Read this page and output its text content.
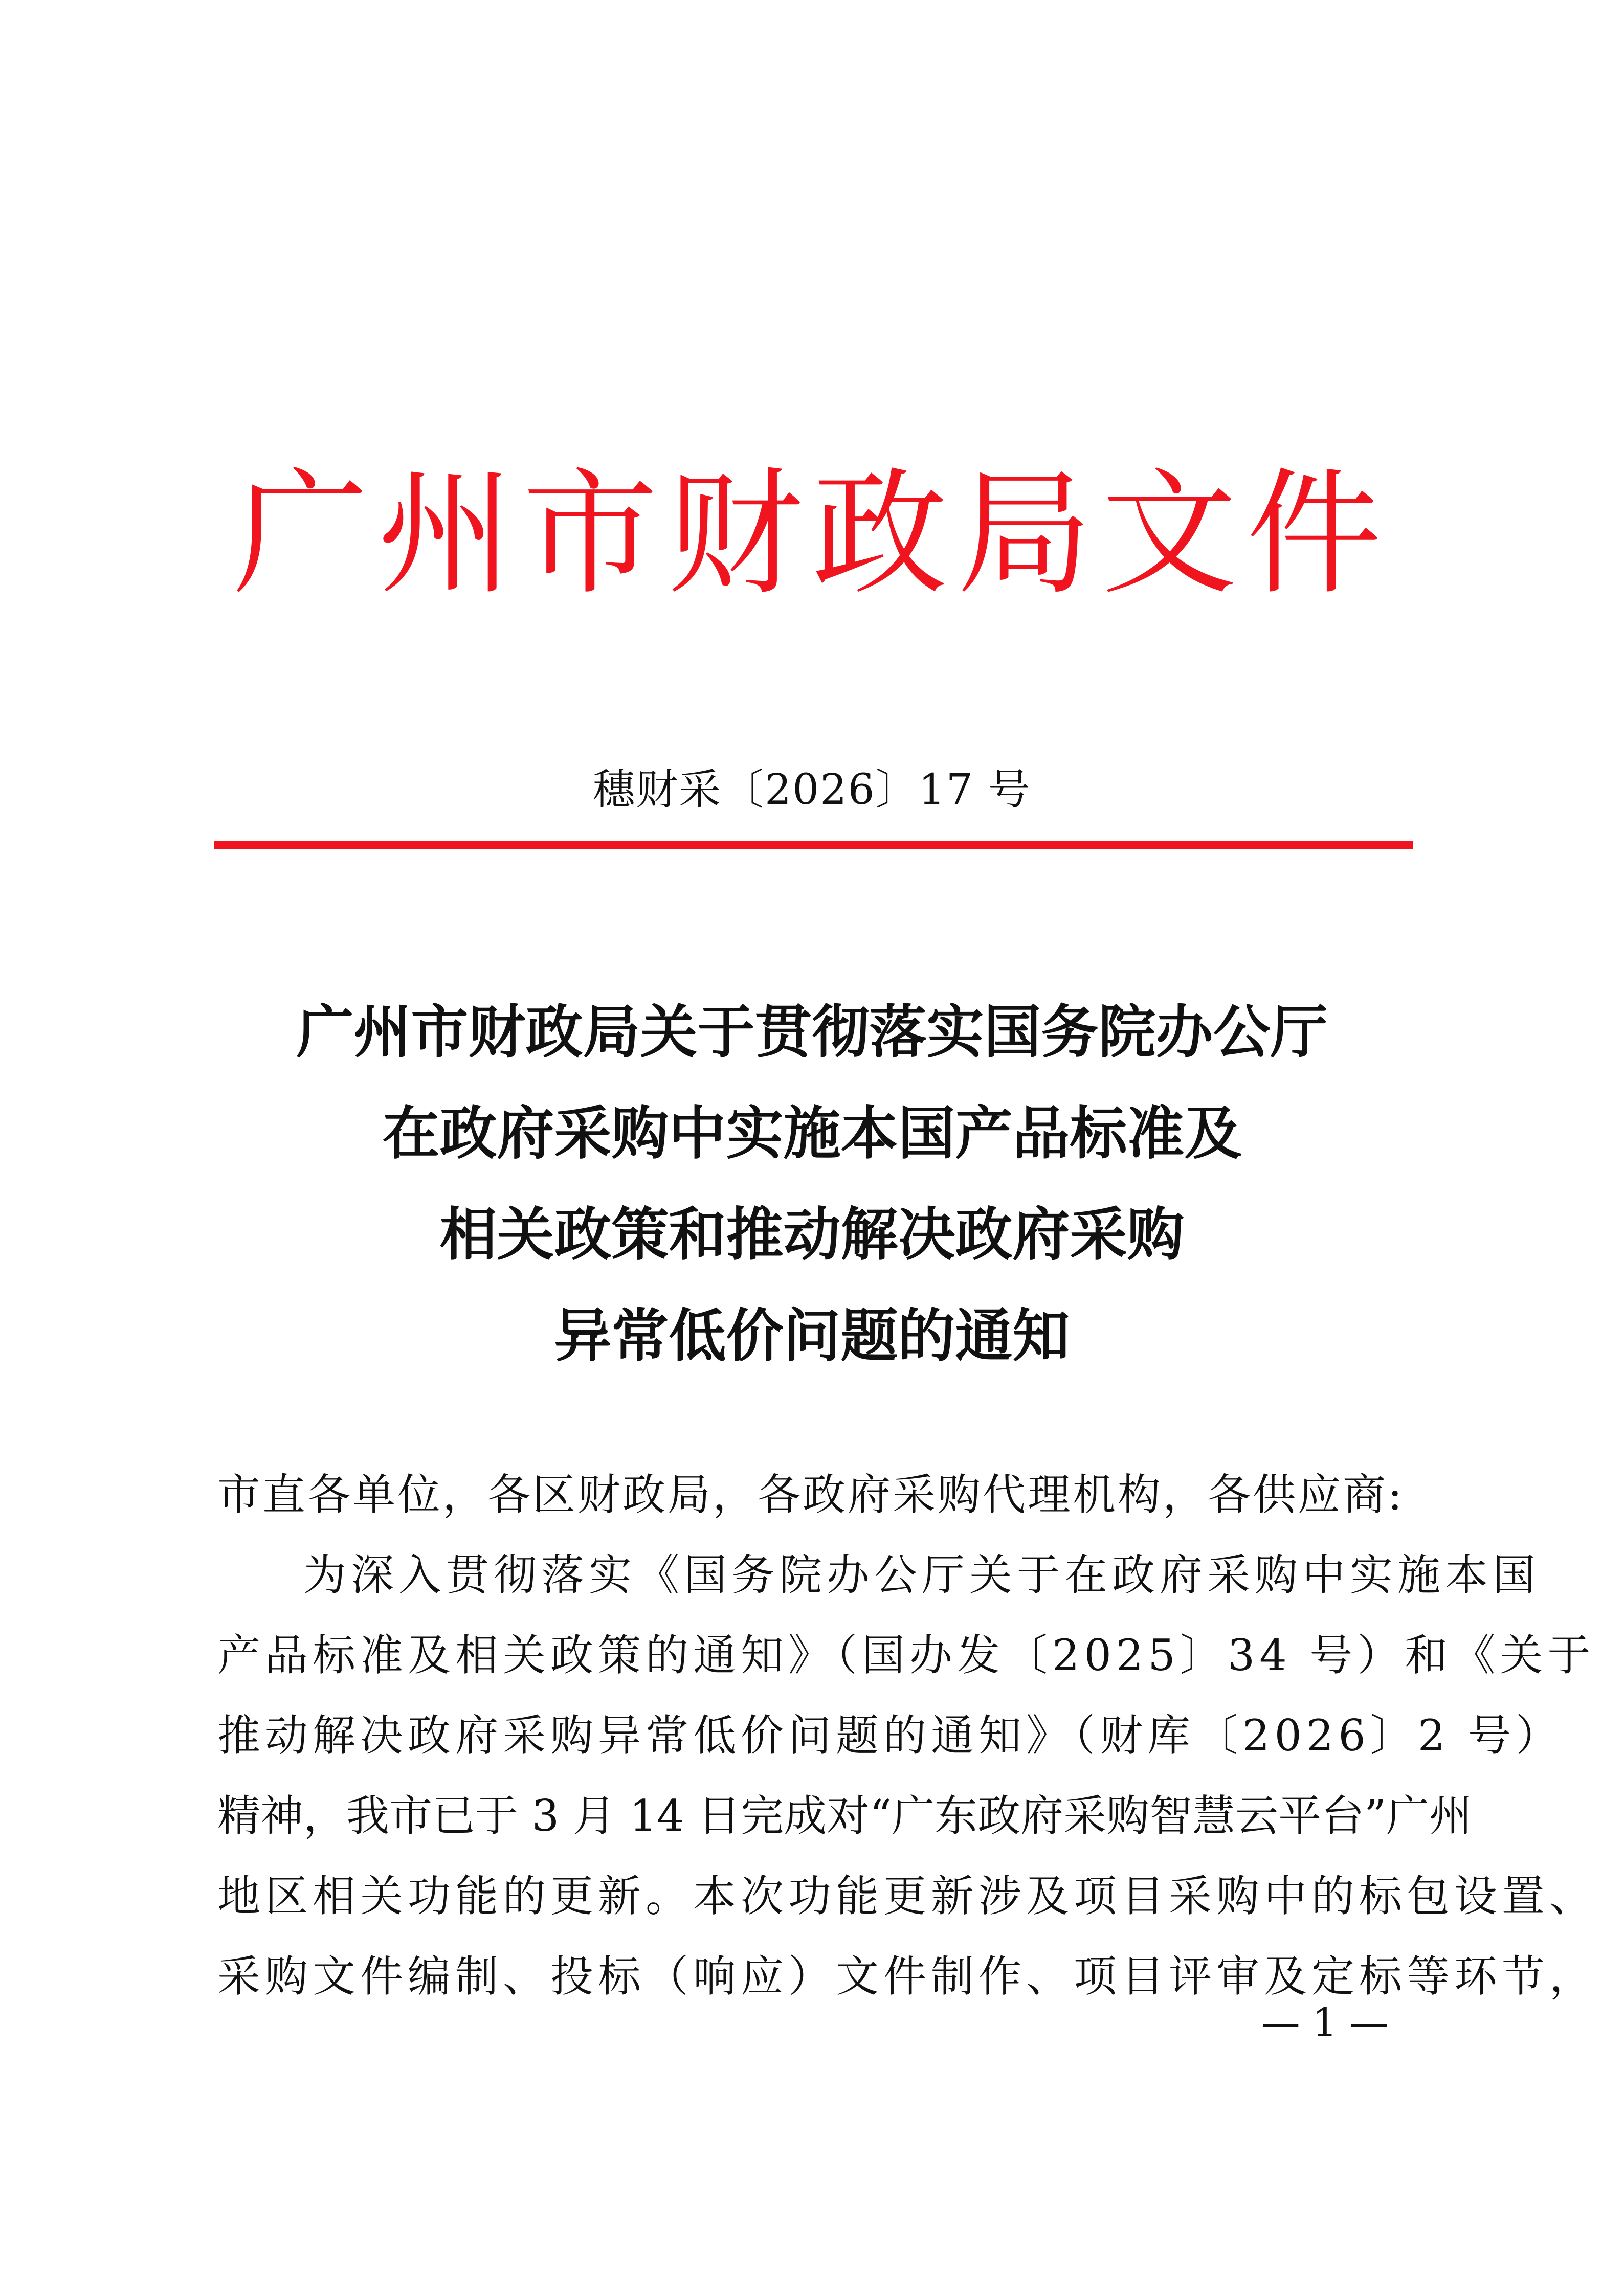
广州市财政局文件
穗财采〔2026〕17 号
广州市财政局关于贯彻落实国务院办公厅
在政府采购中实施本国产品标准及
相关政策和推动解决政府采购
异常低价问题的通知
市直各单位，各区财政局，各政府采购代理机构，各供应商:
为深入贯彻落实《国务院办公厅关于在政府采购中实施本国
产品标准及相关政策的通知》（国办发〔2025〕34 号）和《关于
推动解决政府采购异常低价问题的通知》（财库〔2026〕2 号）
精神，我市已于 3 月 14 日完成对“广东政府采购智慧云平台”广州
地区相关功能的更新。本次功能更新涉及项目采购中的标包设置、
采购文件编制、投标（响应）文件制作、项目评审及定标等环节，
— 1 —
